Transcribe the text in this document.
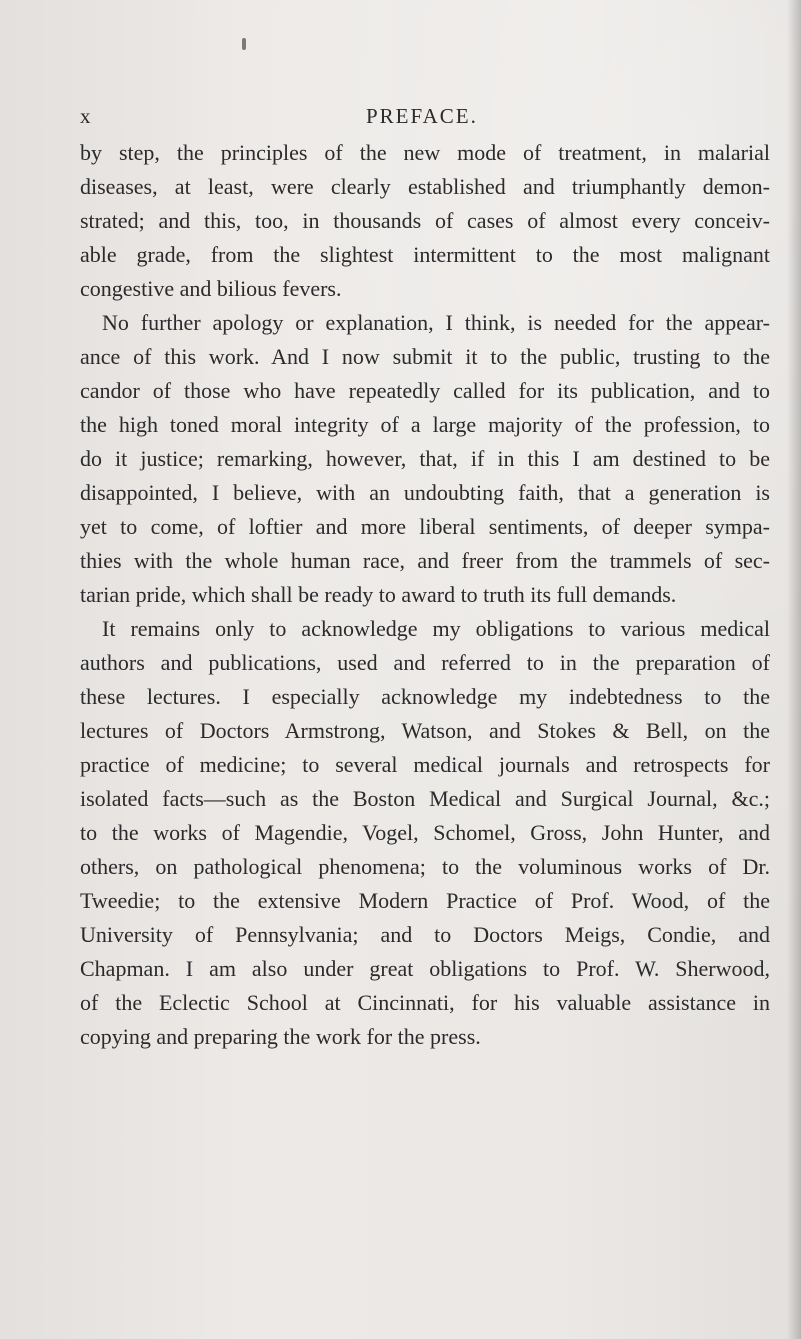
x	PREFACE.
by step, the principles of the new mode of treatment, in malarial
diseases, at least, were clearly established and triumphantly demon-
strated; and this, too, in thousands of cases of almost every conceiv-
able grade, from the slightest intermittent to the most malignant
congestive and bilious fevers.
No further apology or explanation, I think, is needed for the appear-
ance of this work. And I now submit it to the public, trusting to the
candor of those who have repeatedly called for its publication, and to
the high toned moral integrity of a large majority of the profession, to
do it justice; remarking, however, that, if in this I am destined to be
disappointed, I believe, with an undoubting faith, that a generation is
yet to come, of loftier and more liberal sentiments, of deeper sympa-
thies with the whole human race, and freer from the trammels of sec-
tarian pride, which shall be ready to award to truth its full demands.
It remains only to acknowledge my obligations to various medical
authors and publications, used and referred to in the preparation of
these lectures. I especially acknowledge my indebtedness to the
lectures of Doctors Armstrong, Watson, and Stokes & Bell, on the
practice of medicine; to several medical journals and retrospects for
isolated facts—such as the Boston Medical and Surgical Journal, &c.;
to the works of Magendie, Vogel, Schomel, Gross, John Hunter, and
others, on pathological phenomena; to the voluminous works of Dr.
Tweedie; to the extensive Modern Practice of Prof. Wood, of the
University of Pennsylvania; and to Doctors Meigs, Condie, and
Chapman. I am also under great obligations to Prof. W. Sherwood,
of the Eclectic School at Cincinnati, for his valuable assistance in
copying and preparing the work for the press.
